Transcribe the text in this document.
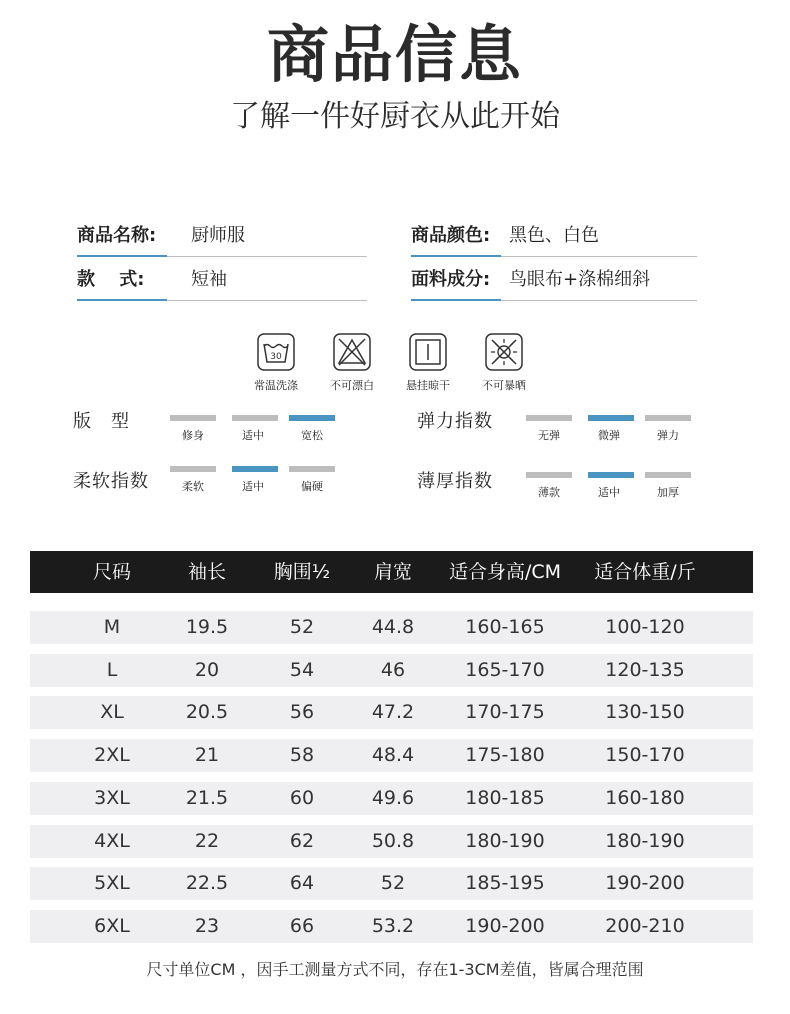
商品信息
了解一件好厨衣从此开始
商品名称:	厨师服	商品颜色:	黑色、白色
款　 式:	短袖	面料成分:	鸟眼布+涤棉细斜
30
常温洗涤	不可漂白	悬挂晾干	不可暴晒
版　型
修身	适中	宽松
弹力指数
无弹	微弹	弹力
柔软指数	柔软	适中	偏硬	薄厚指数
薄款	适中	加厚
尺码	袖长	胸围½	肩宽	适合身高/CM	适合体重/斤
M	19.5	52	44.8	160-165	100-120
L	20	54	46	165-170	120-135
XL	20.5	56	47.2	170-175	130-150
2XL	21	58	48.4	175-180	150-170
3XL	21.5	60	49.6	180-185	160-180
4XL	22	62	50.8	180-190	180-190
5XL	22.5	64	52	185-195	190-200
6XL	23	66	53.2	190-200	200-210
尺寸单位CM ，因手工测量方式不同，存在1-3CM差值，皆属合理范围
